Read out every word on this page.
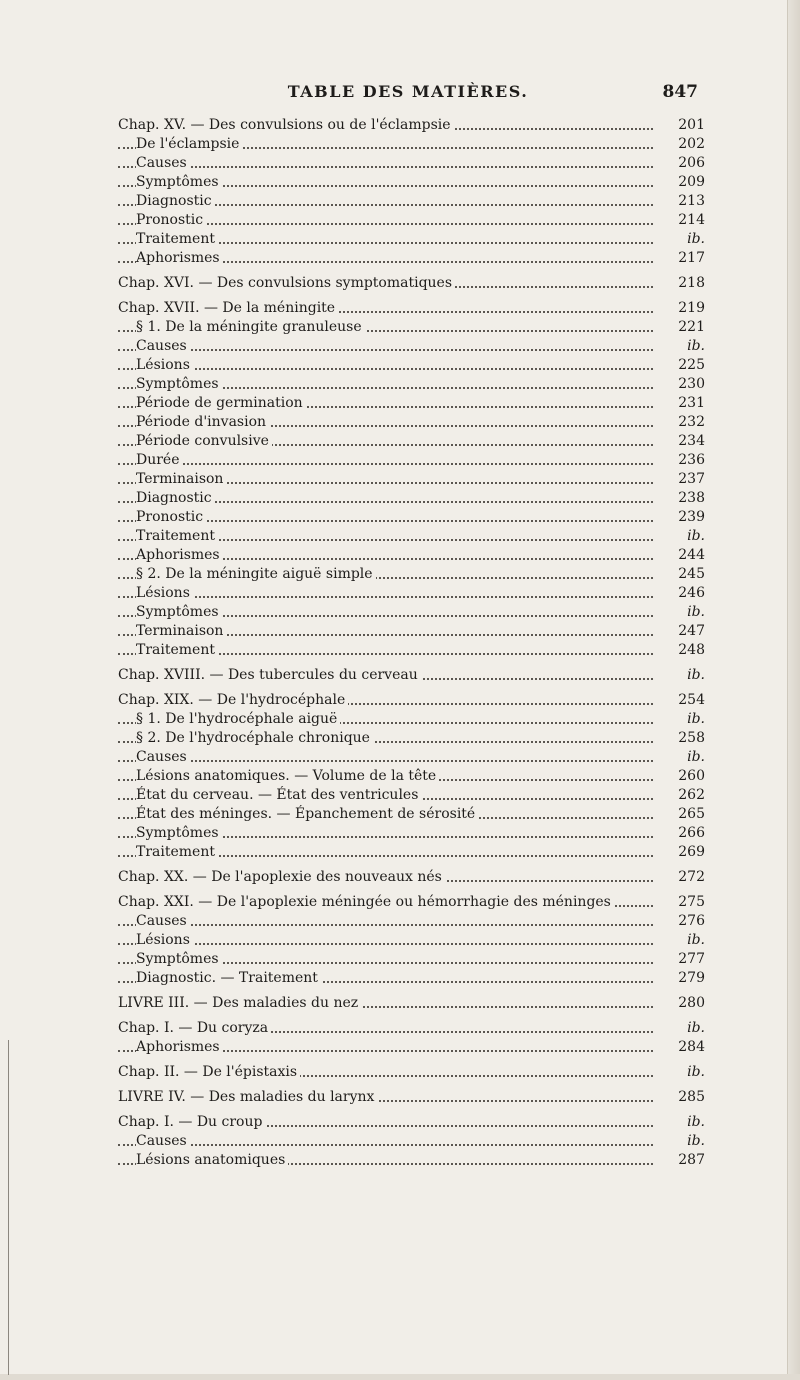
TABLE DES MATIÈRES.	847
Chap. XV. — Des convulsions ou de l'éclampsie
De l'éclampsie
Causes
Symptômes
Diagnostic
Pronostic
Traitement
Aphorismes
Chap. XVI. — Des convulsions symptomatiques
Chap. XVII. — De la méningite
§ 1. De la méningite granuleuse
Causes
Lésions
Symptômes
Période de germination
Période d'invasion
Période convulsive
Durée
Terminaison
Diagnostic
Pronostic
Traitement
Aphorismes
§ 2. De la méningite aiguë simple
Lésions
Symptômes
Terminaison
Traitement
Chap. XVIII. — Des tubercules du cerveau
Chap. XIX. — De l'hydrocéphale
§ 1. De l'hydrocéphale aiguë
§ 2. De l'hydrocéphale chronique
Causes
Lésions anatomiques. — Volume de la tête
État du cerveau. — État des ventricules
État des méninges. — Épanchement de sérosité
Symptômes
Traitement
Chap. XX. — De l'apoplexie des nouveaux nés
Chap. XXI. — De l'apoplexie méningée ou hémorrhagie des méninges
Causes
Lésions
Symptômes
Diagnostic. — Traitement
LIVRE III. — Des maladies du nez
Chap. I. — Du coryza
Aphorismes
Chap. II. — De l'épistaxis
LIVRE IV. — Des maladies du larynx
Chap. I. — Du croup
Causes
Lésions anatomiques
201
202
206
209
213
214
ib.
217
218
219
221
ib.
225
230
231
232
234
236
237
238
239
ib.
244
245
246
ib.
247
248
ib.
254
ib.
258
ib.
260
262
265
266
269
272
275
276
ib.
277
279
280
ib.
284
ib.
285
ib.
ib.
287
